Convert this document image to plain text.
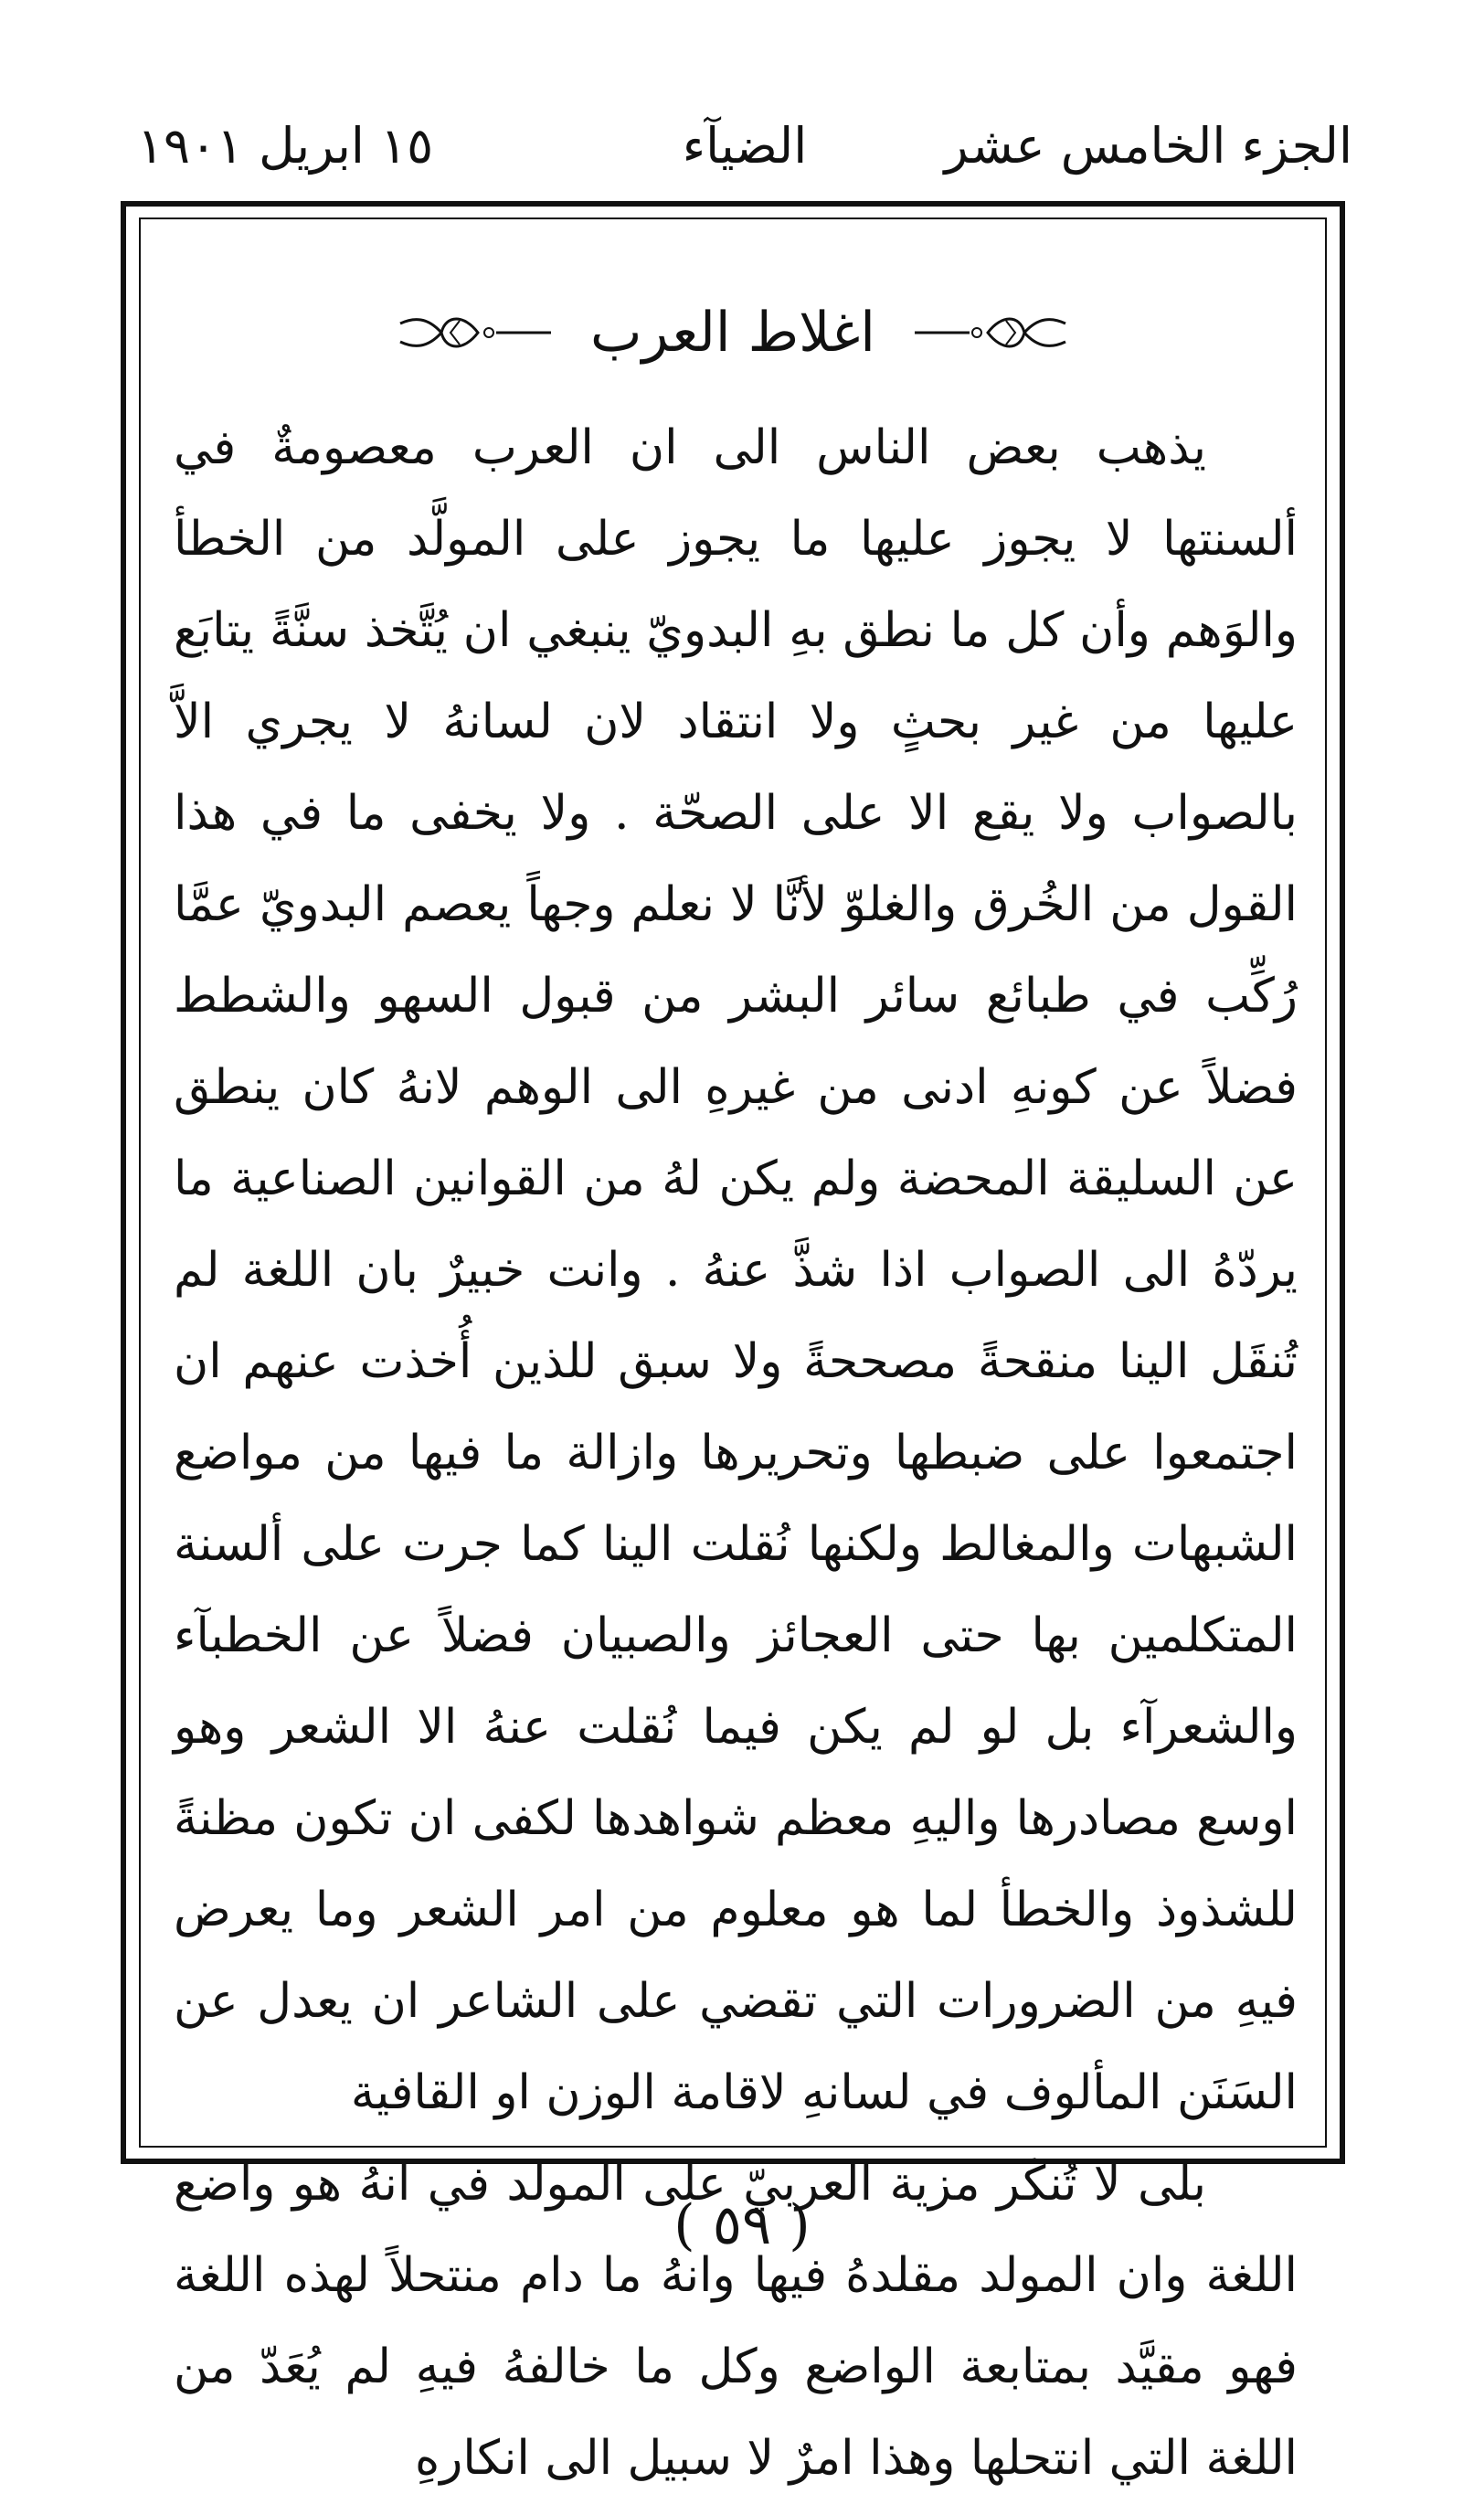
الجزء الخامس عشر
الضيآء
١٥ ابريل ١٩٠١
اغلاط العرب

يذهب بعض الناس الى ان العرب معصومةٌ في ألسنتها لا يجوز عليها ما يجوز على المولَّد من الخطأ والوَهم وأن كل ما نطق بهِ البدويّ ينبغي ان يُتَّخذ سنَّةً يتابَع عليها من غير بحثٍ ولا انتقاد لان لسانهُ لا يجري الاَّ بالصواب ولا يقع الا على الصحّة . ولا يخفى ما في هذا القول من الخُرق والغلوّ لأنَّا لا نعلم وجهاً يعصم البدويّ عمَّا رُكِّب في طبائع سائر البشر من قبول السهو والشطط فضلاً عن كونهِ ادنى من غيرهِ الى الوهم لانهُ كان ينطق عن السليقة المحضة ولم يكن لهُ من القوانين الصناعية ما يردّهُ الى الصواب اذا شذَّ عنهُ . وانت خبيرٌ بان اللغة لم تُنقَل الينا منقحةً مصححةً ولا سبق للذين أُخذت عنهم ان اجتمعوا على ضبطها وتحريرها وازالة ما فيها من مواضع الشبهات والمغالط ولكنها نُقلت الينا كما جرت على ألسنة المتكلمين بها حتى العجائز والصبيان فضلاً عن الخطبآء والشعرآء بل لو لم يكن فيما نُقلت عنهُ الا الشعر وهو اوسع مصادرها واليهِ معظم شواهدها لكفى ان تكون مظنةً للشذوذ والخطأ لما هو معلوم من امر الشعر وما يعرض فيهِ من الضرورات التي تقضي على الشاعر ان يعدل عن السَنَن المألوف في لسانهِ لاقامة الوزن او القافية

بلى لا تُنكَر مزية العربيّ على المولد في انهُ هو واضع اللغة وان المولد مقلدهُ فيها وانهُ ما دام منتحلاً لهذه اللغة فهو مقيَّد بمتابعة الواضع وكل ما خالفهُ فيهِ لم يُعَدّ من اللغة التي انتحلها وهذا امرٌ لا سبيل الى انكارهِ

( ٥٩ )
